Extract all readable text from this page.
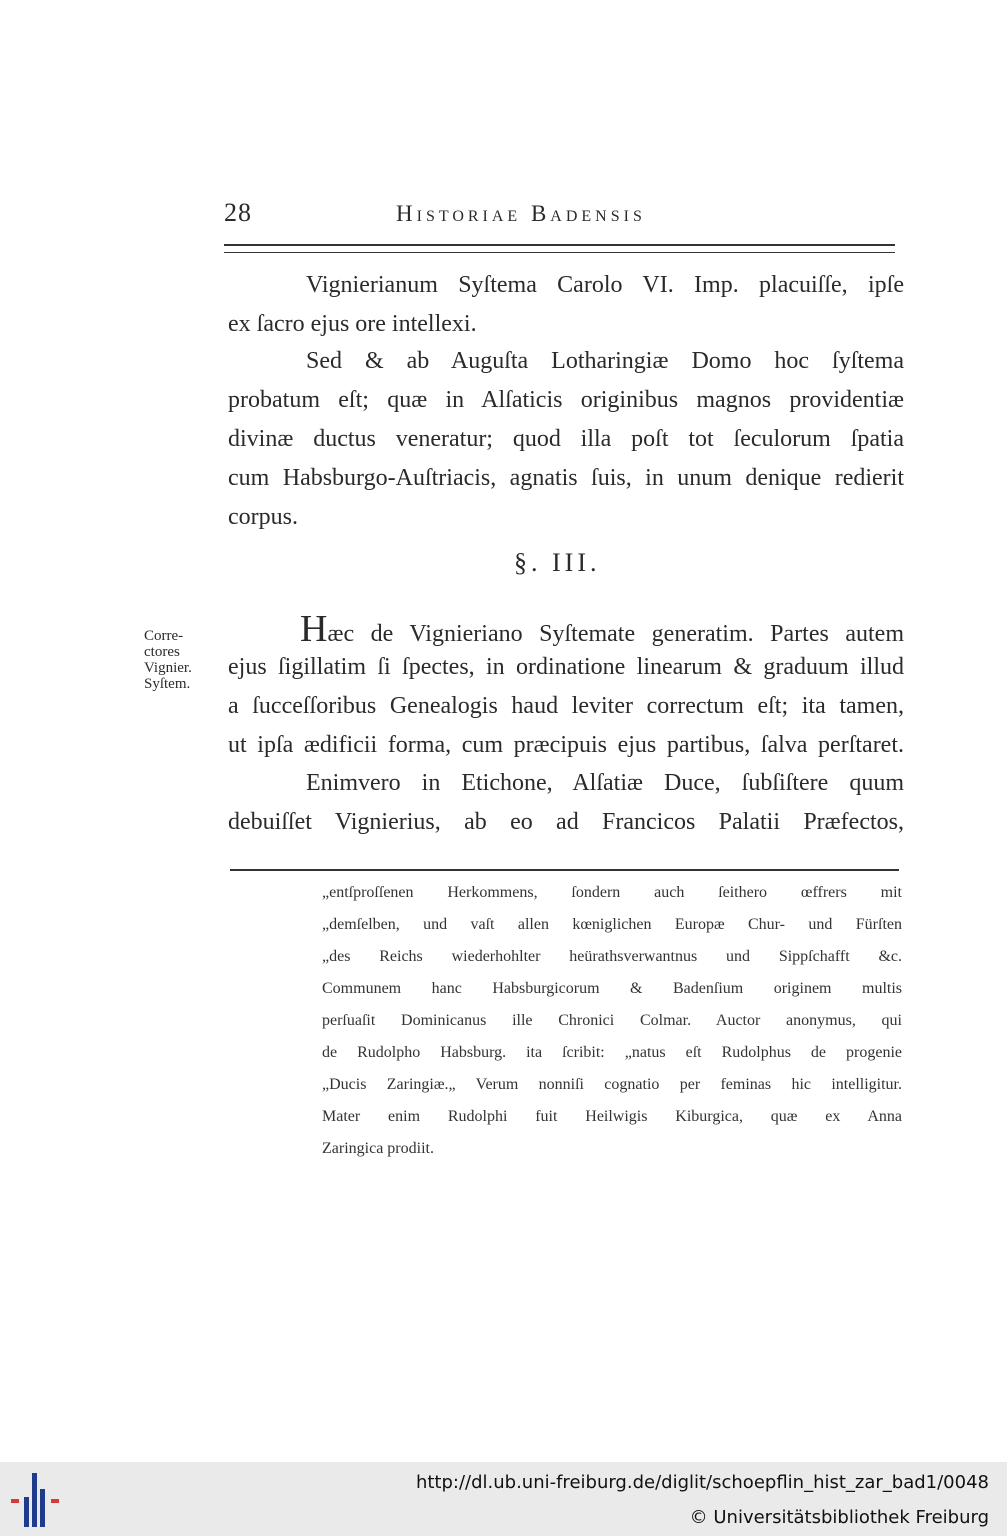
28	Historiae Badensis
Vignierianum Syſtema Carolo VI. Imp. placuiſſe, ipſe
ex ſacro ejus ore intellexi.
Sed & ab Auguſta Lotharingiæ Domo hoc ſyſtema
probatum eſt; quæ in Alſaticis originibus magnos providentiæ
divinæ ductus veneratur; quod illa poſt tot ſeculorum ſpatia
cum Habsburgo-Auſtriacis, agnatis ſuis, in unum denique redierit
corpus.
§. III.
Corre-
ctores
Vignier.
Syſtem.
Hæc de Vignieriano Syſtemate generatim. Partes autem
ejus ſigillatim ſi ſpectes, in ordinatione linearum & graduum illud
a ſucceſſoribus Genealogis haud leviter correctum eſt; ita tamen,
ut ipſa ædificii forma, cum præcipuis ejus partibus, ſalva perſtaret.
Enimvero in Etichone, Alſatiæ Duce, ſubſiſtere quum
debuiſſet Vignierius, ab eo ad Francicos Palatii Præfectos,
„entſproſſenen Herkommens, ſondern auch ſeithero œffrers mit
„demſelben, und vaſt allen kœniglichen Europæ Chur- und Fürſten
„des Reichs wiederhohlter heürathsverwantnus und Sippſchafft &c.
Communem hanc Habsburgicorum & Badenſium originem multis
perſuaſit Dominicanus ille Chronici Colmar. Auctor anonymus, qui
de Rudolpho Habsburg. ita ſcribit: „natus eſt Rudolphus de progenie
„Ducis Zaringiæ.„ Verum nonniſi cognatio per feminas hic intelligitur.
Mater enim Rudolphi fuit Heilwigis Kiburgica, quæ ex Anna
Zaringica prodiit.
http://dl.ub.uni-freiburg.de/diglit/schoepflin_hist_zar_bad1/0048
© Universitätsbibliothek Freiburg
